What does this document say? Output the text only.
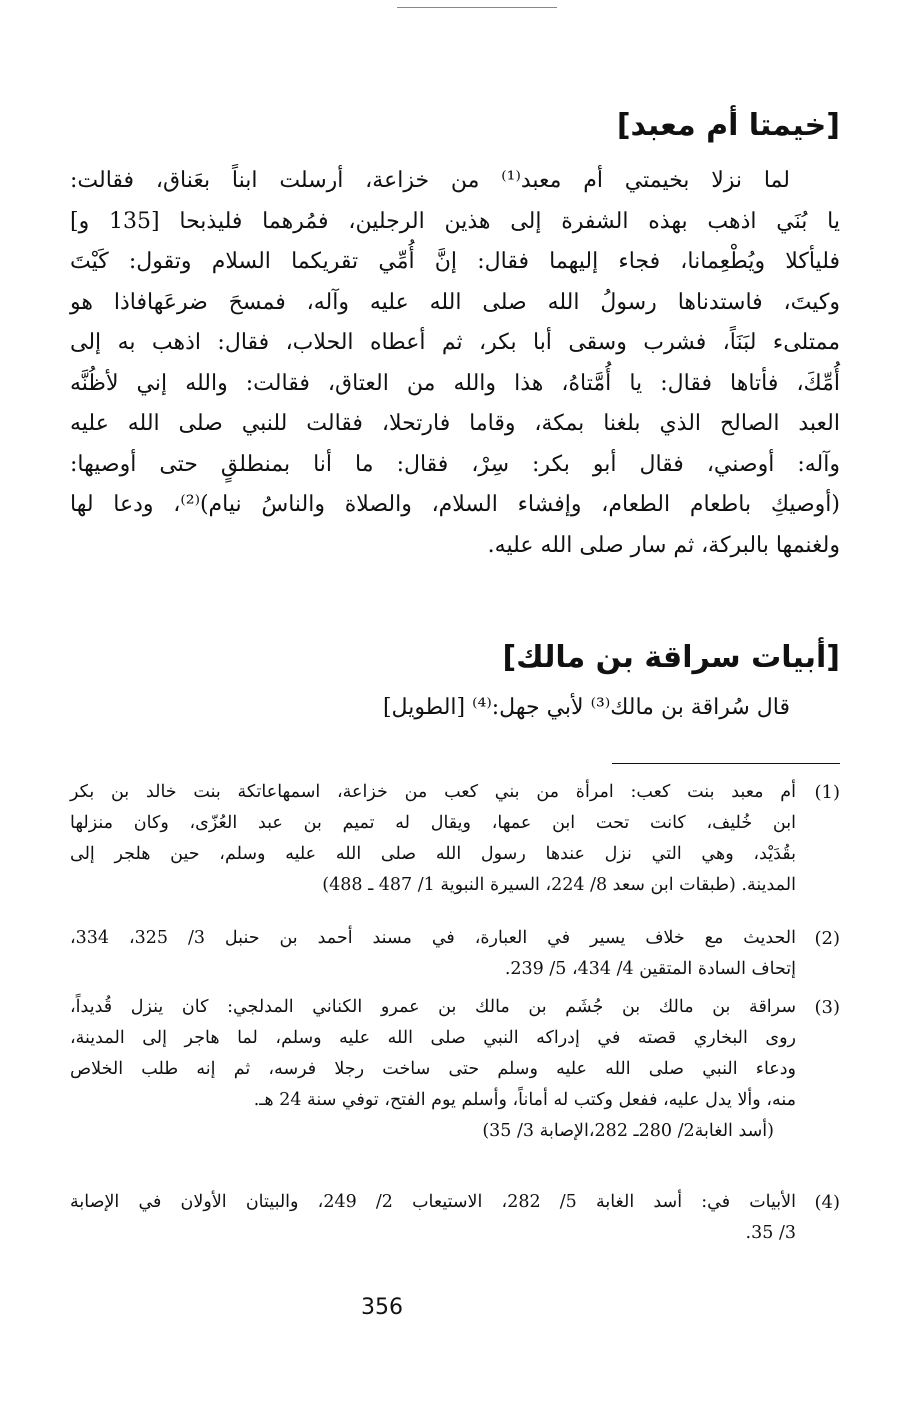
[خيمتا أم معبد]
لما نزلا بخيمتي أم معبد⁽¹⁾ من خزاعة، أرسلت ابناً بعَناق، فقالت:
يا بُنَي اذهب بهذه الشفرة إلى هذين الرجلين، فمُرهما فليذبحا [135 و]
فليأكلا ويُطْعِمانا، فجاء إليهما فقال: إنَّ أُمِّي تقريكما السلام وتقول: كَيْتَ
وكيتَ، فاستدناها رسولُ الله صلى الله عليه وآله، فمسحَ ضرعَهافاذا هو
ممتلىء لبَنَاً، فشرب وسقى أبا بكر، ثم أعطاه الحلاب، فقال: اذهب به إلى
أُمِّكَ، فأتاها فقال: يا أُمَّتاهُ، هذا والله من العتاق، فقالت: والله إني لأظُنَّه
العبد الصالح الذي بلغنا بمكة، وقاما فارتحلا، فقالت للنبي صلى الله عليه
وآله: أوصني، فقال أبو بكر: سِرْ، فقال: ما أنا بمنطلقٍ حتى أوصيها:
(أوصيكِ باطعام الطعام، وإفشاء السلام، والصلاة والناسُ نيام)⁽²⁾، ودعا لها
ولغنمها بالبركة، ثم سار صلى الله عليه.
[أبيات سراقة بن مالك]

قال سُراقة بن مالك⁽³⁾ لأبي جهل:⁽⁴⁾ [الطويل]

(1)
أم معبد بنت كعب: امرأة من بني كعب من خزاعة، اسمهاعاتكة بنت خالد بن بكر
ابن خُليف، كانت تحت ابن عمها، ويقال له تميم بن عبد العُزّى، وكان منزلها
بقُدَيْد، وهي التي نزل عندها رسول الله صلى الله عليه وسلم، حين هلجر إلى
المدينة. (طبقات ابن سعد 8/ 224، السيرة النبوية 1/ 487 ـ 488)
(2)
الحديث مع خلاف يسير في العبارة، في مسند أحمد بن حنبل 3/ 325، 334،
إتحاف السادة المتقين 4/ 434، 5/ 239.
(3)
سراقة بن مالك بن جُشَم بن مالك بن عمرو الكناني المدلجي: كان ينزل قُديداً،
روى البخاري قصته في إدراكه النبي صلى الله عليه وسلم، لما هاجر إلى المدينة،
ودعاء النبي صلى الله عليه وسلم حتى ساخت رجلا فرسه، ثم إنه طلب الخلاص
منه، وألا يدل عليه، ففعل وكتب له أماناً، وأسلم يوم الفتح، توفي سنة 24 هـ.
(أسد الغابة2/ 280ـ 282،الإصابة 3/ 35)
(4)
الأبيات في: أسد الغابة 5/ 282، الاستيعاب 2/ 249، والبيتان الأولان في الإصابة
3/ 35.

356
